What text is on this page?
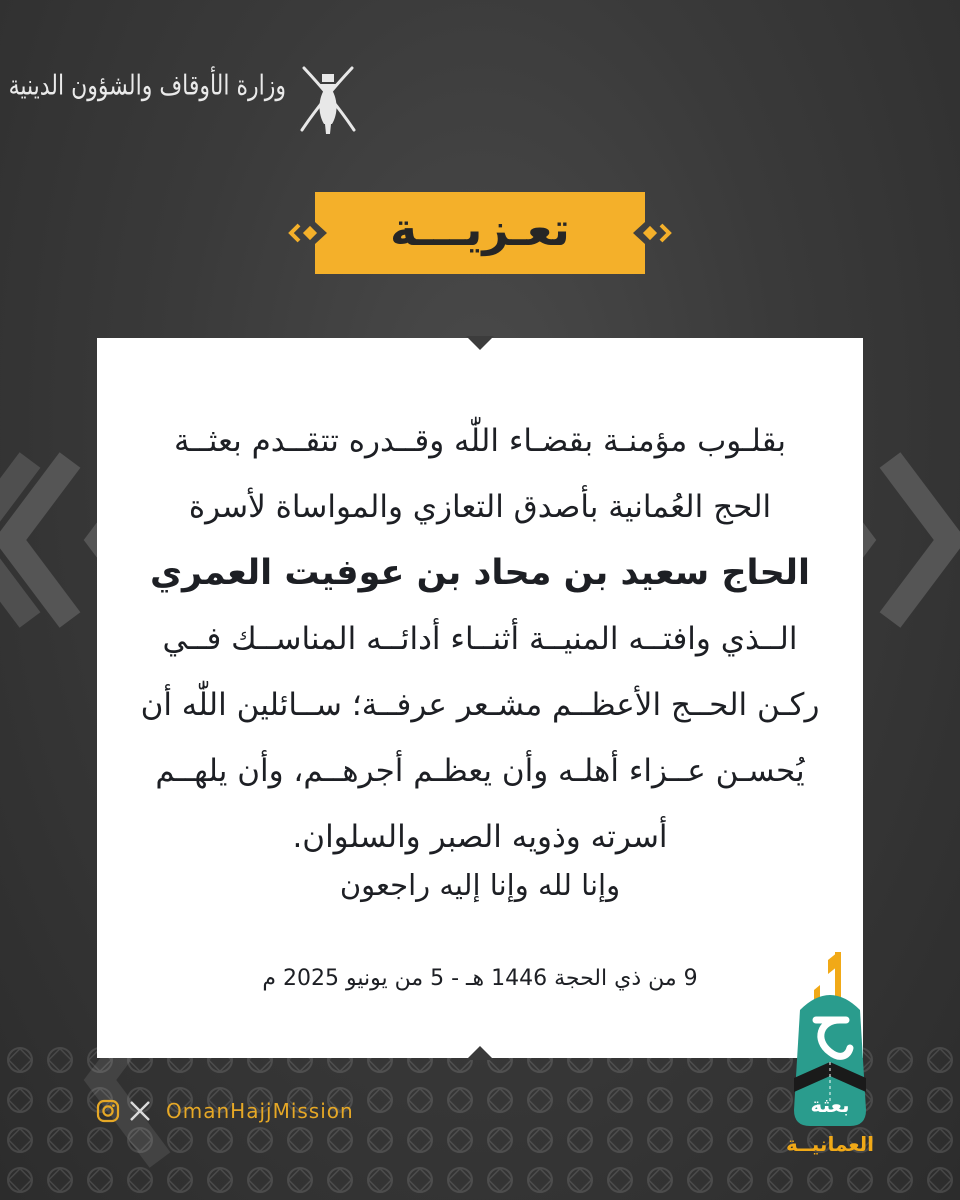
وزارة الأوقاف والشؤون الدينية
تعـزيـــة
بقلـوب مؤمنـة بقضـاء اللّٰه وقــدره تتقــدم بعثــة
الحج العُمانية بأصدق التعازي والمواساة لأسرة
الحاج سعيد بن محاد بن عوفيت العمري
الــذي وافتــه المنيــة أثنــاء أدائــه المناســك فــي
ركـن الحــج الأعظــم مشـعر عرفــة؛ ســائلين اللّٰه أن
يُحسـن عــزاء أهلـه وأن يعظـم أجرهــم، وأن يلهــم
أسرته وذويه الصبر والسلوان.
وإنا لله وإنا إليه راجعون
9 من ذي الحجة 1446 هـ - 5 من يونيو 2025 م
OmanHajjMission	بعثة
العمانيــة
